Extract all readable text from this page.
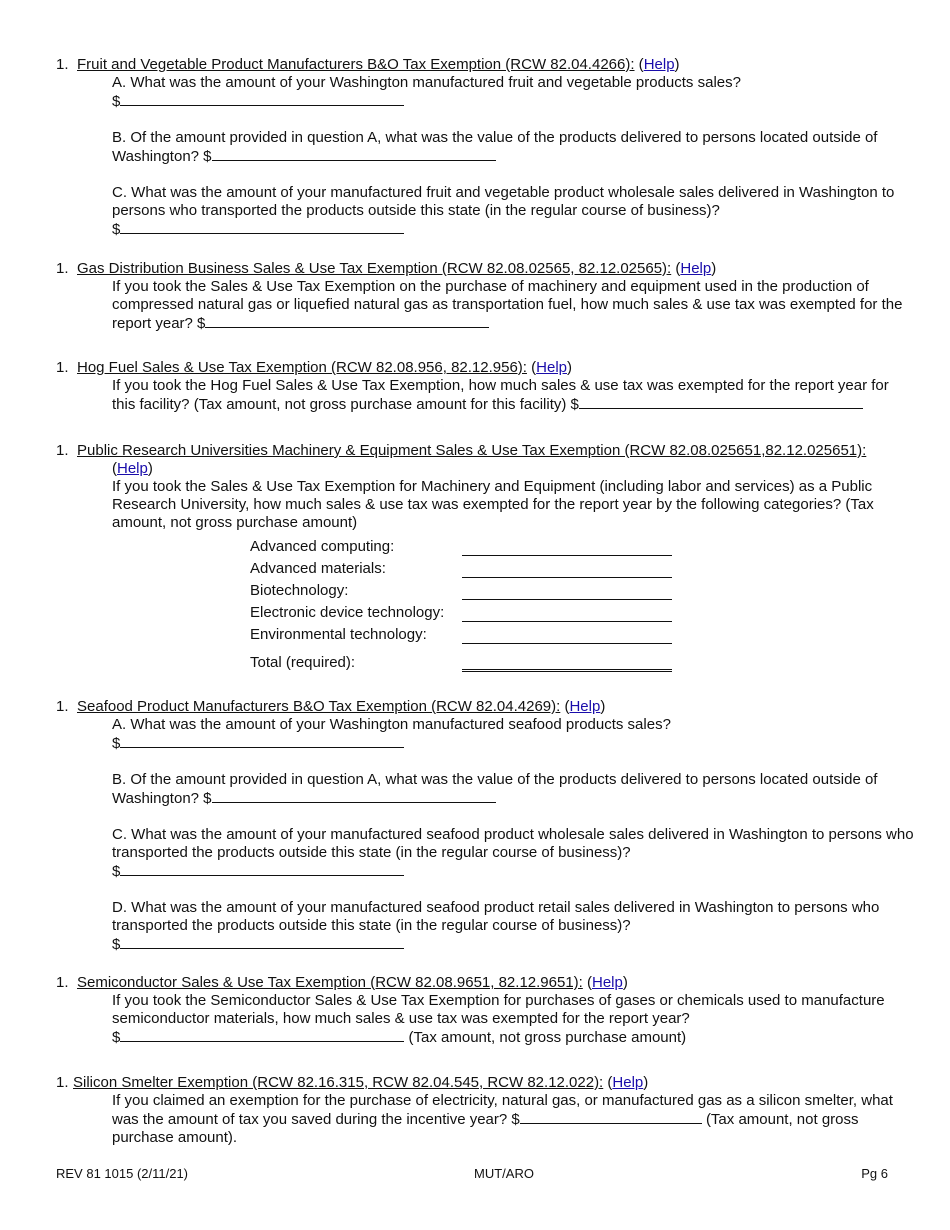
1. Fruit and Vegetable Product Manufacturers B&O Tax Exemption (RCW 82.04.4266): (Help)

A. What was the amount of your Washington manufactured fruit and vegetable products sales?
$

B. Of the amount provided in question A, what was the value of the products delivered to persons located outside of Washington? $

C. What was the amount of your manufactured fruit and vegetable product wholesale sales delivered in Washington to persons who transported the products outside this state (in the regular course of business)?
$

1. Gas Distribution Business Sales & Use Tax Exemption (RCW 82.08.02565, 82.12.02565): (Help)

If you took the Sales & Use Tax Exemption on the purchase of machinery and equipment used in the production of compressed natural gas or liquefied natural gas as transportation fuel, how much sales & use tax was exempted for the report year? $

1. Hog Fuel Sales & Use Tax Exemption (RCW 82.08.956, 82.12.956): (Help)

If you took the Hog Fuel Sales & Use Tax Exemption, how much sales & use tax was exempted for the report year for this facility? (Tax amount, not gross purchase amount for this facility) $

1. Public Research Universities Machinery & Equipment Sales & Use Tax Exemption (RCW 82.08.025651,82.12.025651): (Help)

If you took the Sales & Use Tax Exemption for Machinery and Equipment (including labor and services) as a Public Research University, how much sales & use tax was exempted for the report year by the following categories? (Tax amount, not gross purchase amount)

Advanced computing:
Advanced materials:
Biotechnology:
Electronic device technology:
Environmental technology:
Total (required):
1. Seafood Product Manufacturers B&O Tax Exemption (RCW 82.04.4269): (Help)

A. What was the amount of your Washington manufactured seafood products sales?
$

B. Of the amount provided in question A, what was the value of the products delivered to persons located outside of Washington? $

C. What was the amount of your manufactured seafood product wholesale sales delivered in Washington to persons who transported the products outside this state (in the regular course of business)?
$

D. What was the amount of your manufactured seafood product retail sales delivered in Washington to persons who transported the products outside this state (in the regular course of business)?
$

1. Semiconductor Sales & Use Tax Exemption (RCW 82.08.9651, 82.12.9651): (Help)

If you took the Semiconductor Sales & Use Tax Exemption for purchases of gases or chemicals used to manufacture semiconductor materials, how much sales & use tax was exempted for the report year?
$	(Tax amount, not gross purchase amount)

1. Silicon Smelter Exemption (RCW 82.16.315, RCW 82.04.545, RCW 82.12.022): (Help)

If you claimed an exemption for the purchase of electricity, natural gas, or manufactured gas as a silicon smelter, what was the amount of tax you saved during the incentive year? $	(Tax amount, not gross purchase amount).

REV 81 1015 (2/11/21)	MUT/ARO	Pg 6
